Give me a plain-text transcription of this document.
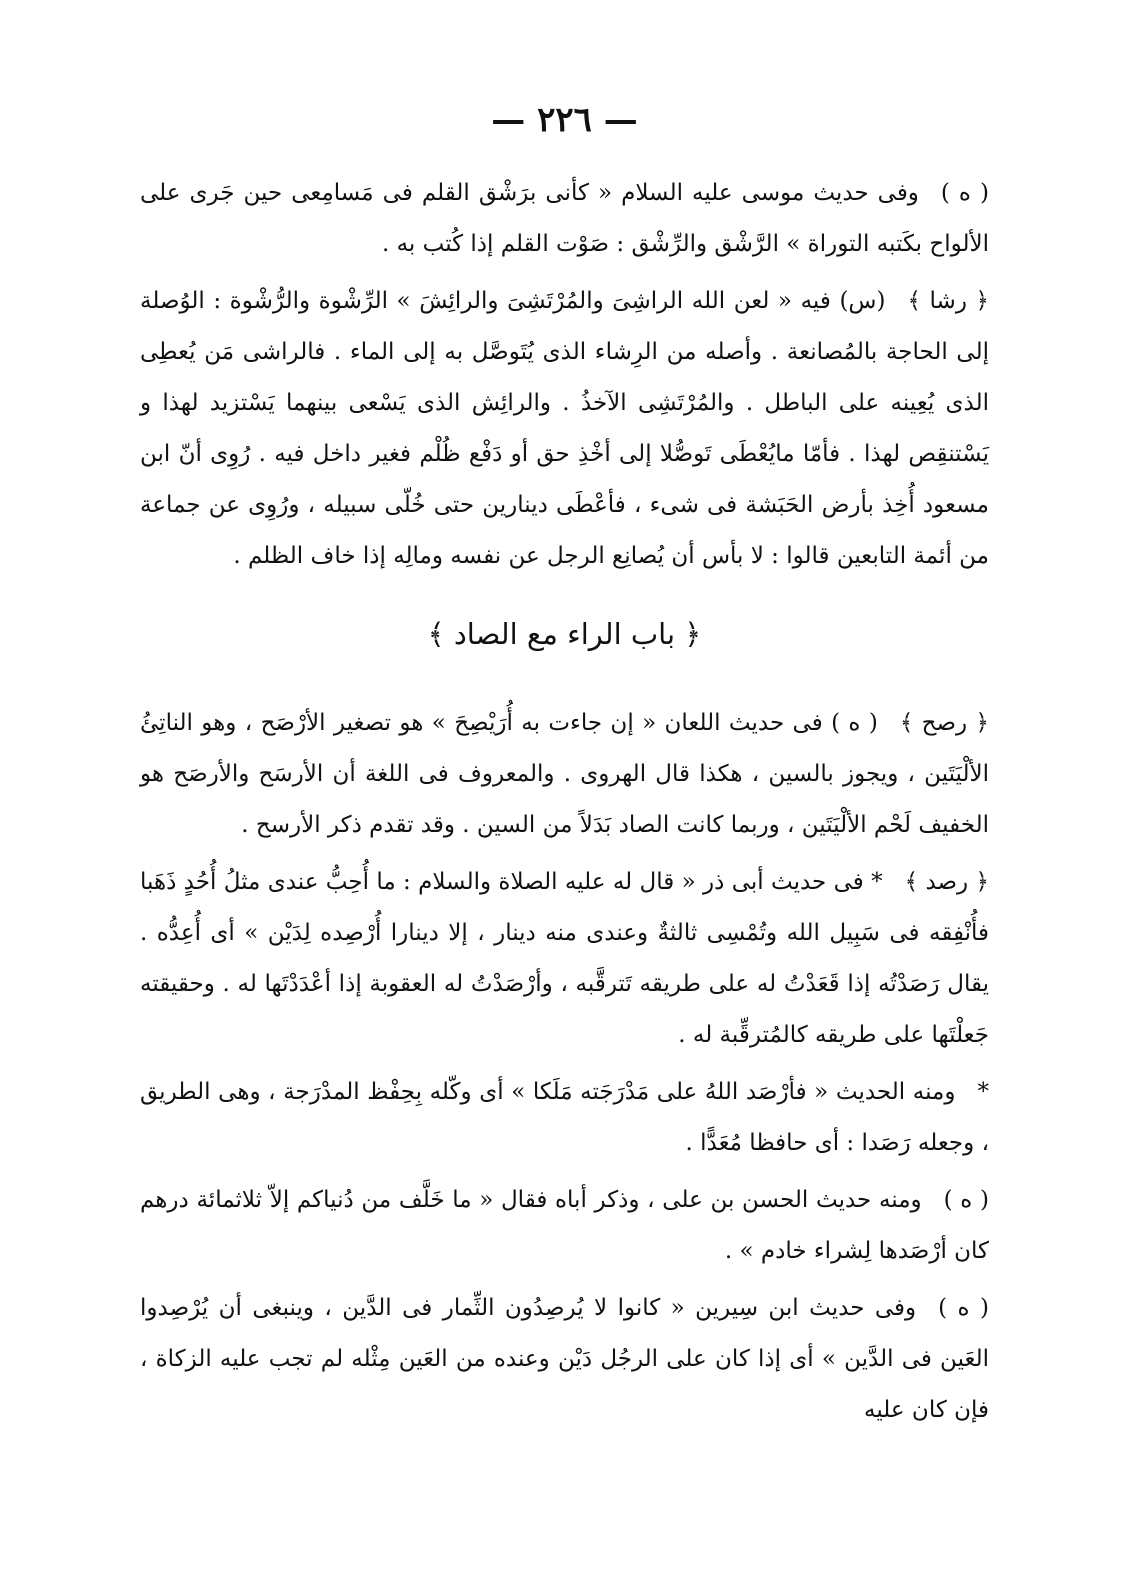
— ٢٢٦ —

( ه )وفى حديث موسى عليه السلام « كأنى برَشْق القلم فى مَسامِعى حين جَرى على الألواح بكَتبه التوراة » الرَّشْق والرِّشْق : صَوْت القلم إذا كُتب به .

﴿ رشا ﴾(س) فيه « لعن الله الراشِىَ والمُرْتَشِىَ والرائِشَ » الرِّشْوة والرُّشْوة : الوُصلة إلى الحاجة بالمُصانعة . وأصله من الرِشاء الذى يُتَوصَّل به إلى الماء . فالراشى مَن يُعطِى الذى يُعِينه على الباطل . والمُرْتَشِى الآخذُ . والرائِش الذى يَسْعى بينهما يَسْتزيد لهذا و يَسْتنقِص لهذا . فأمّا مايُعْطَى تَوصُّلا إلى أخْذِ حق أو دَفْع ظُلْم فغير داخل فيه . رُوِى أنّ ابن مسعود أُخِذ بأرض الحَبَشة فى شىء ، فأعْطَى دينارين حتى خُلّى سبيله ، ورُوِى عن جماعة من أئمة التابعين قالوا : لا بأس أن يُصانِع الرجل عن نفسه ومالِه إذا خاف الظلم .

﴿ باب الراء مع الصاد ﴾

﴿ رصح ﴾( ه ) فى حديث اللعان « إن جاءت به أُرَيْصِحَ » هو تصغير الأرْصَح ، وهو الناتِئُ الألْيَتَين ، ويجوز بالسين ، هكذا قال الهروى . والمعروف فى اللغة أن الأرسَح والأرصَح هو الخفيف لَحْم الألْيَتَين ، وربما كانت الصاد بَدَلاً من السين . وقد تقدم ذكر الأرسح .

﴿ رصد ﴾* فى حديث أبى ذر « قال له عليه الصلاة والسلام : ما أُحِبُّ عندى مثلُ أُحُدٍ ذَهَبا فأُنْفِقه فى سَبِيل الله وتُمْسِى ثالثةٌ وعندى منه دينار ، إلا دينارا أُرْصِده لِدَيْن » أى أُعِدُّه . يقال رَصَدْتُه إذا قَعَدْتُ له على طريقه تَترقَّبه ، وأرْصَدْتُ له العقوبة إذا أعْدَدْتَها له . وحقيقته جَعلْتَها على طريقه كالمُترقِّبة له .

*ومنه الحديث « فأرْصَد اللهُ على مَدْرَجَته مَلَكا » أى وكّله بِحِفْظ المدْرَجة ، وهى الطريق ، وجعله رَصَدا : أى حافظا مُعَدًّا .

( ه )ومنه حديث الحسن بن على ، وذكر أباه فقال « ما خَلَّف من دُنياكم إلاّ ثلاثمائة درهم كان أرْصَدها لِشراء خادم » .

( ه )وفى حديث ابن سِيرين « كانوا لا يُرصِدُون الثِّمار فى الدَّين ، وينبغى أن يُرْصِدوا العَين فى الدَّين » أى إذا كان على الرجُل دَيْن وعنده من العَين مِثْله لم تجب عليه الزكاة ، فإن كان عليه
